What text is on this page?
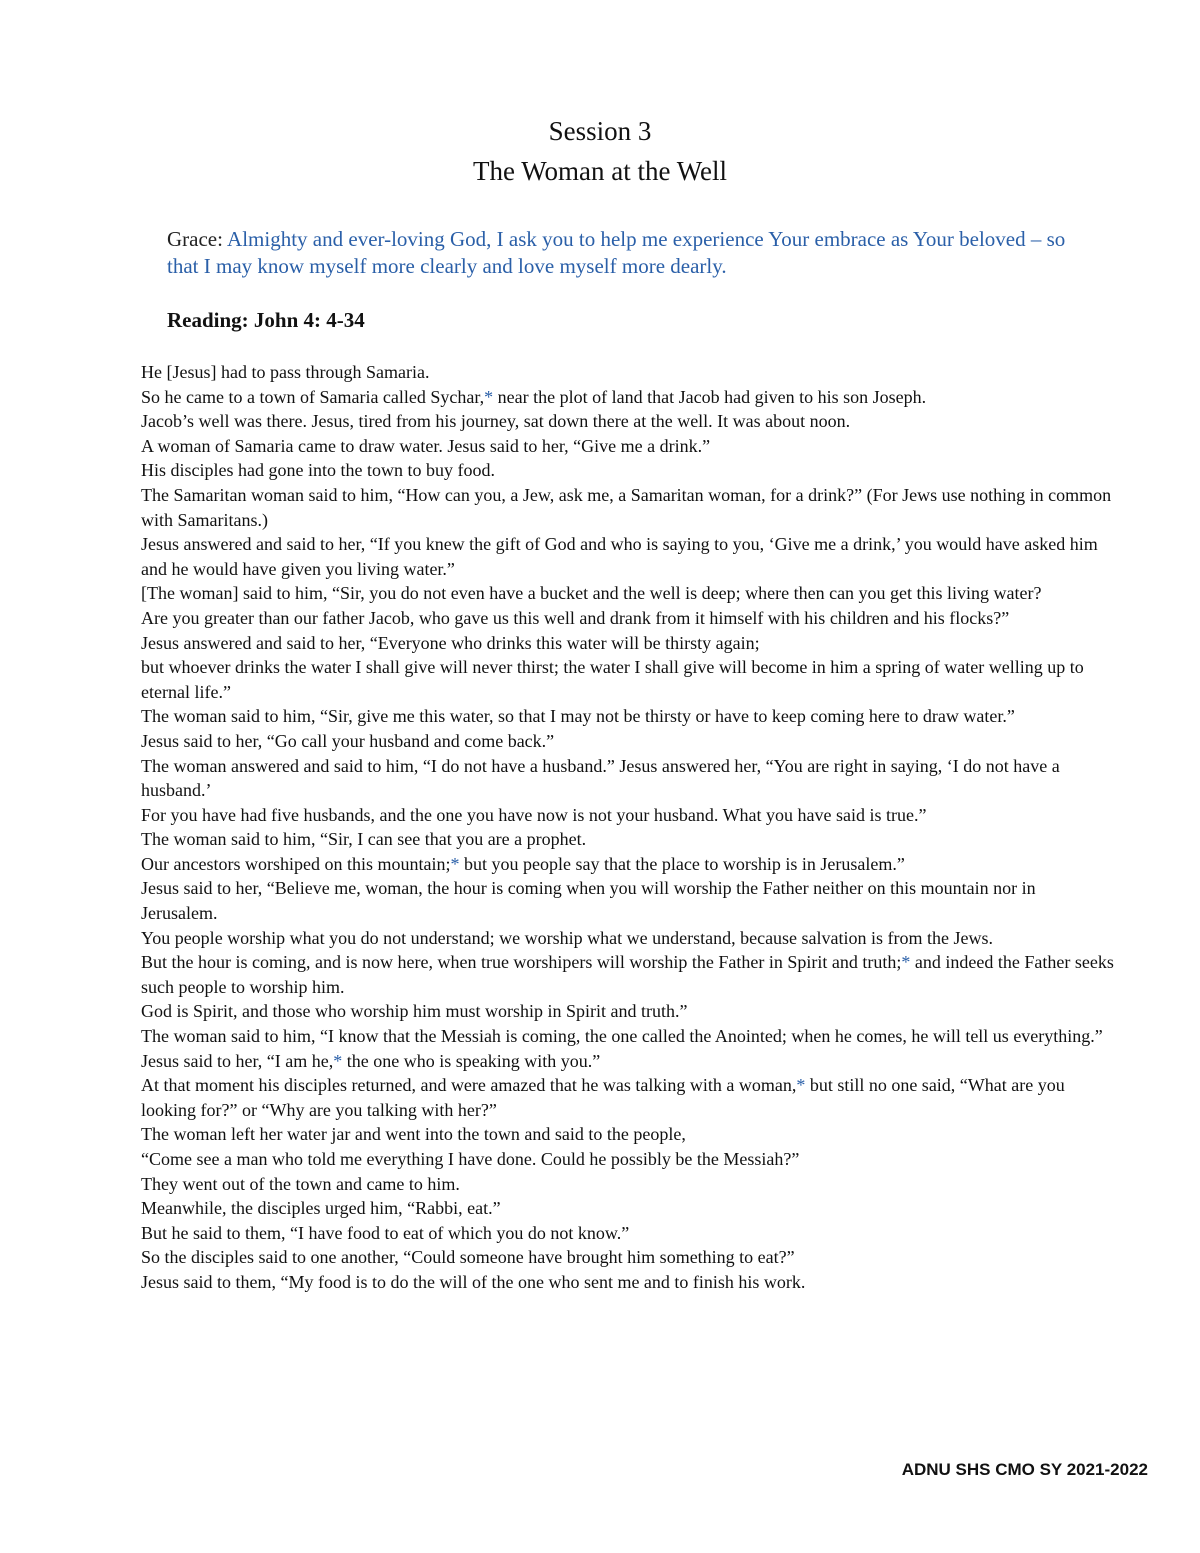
Session 3
The Woman at the Well
Grace: Almighty and ever-loving God, I ask you to help me experience Your embrace as Your beloved – so that I may know myself more clearly and love myself more dearly.
Reading: John 4: 4-34

He [Jesus] had to pass through Samaria.

So he came to a town of Samaria called Sychar,* near the plot of land that Jacob had given to his son Joseph.

Jacob’s well was there. Jesus, tired from his journey, sat down there at the well. It was about noon.

A woman of Samaria came to draw water. Jesus said to her, “Give me a drink.”

His disciples had gone into the town to buy food.

The Samaritan woman said to him, “How can you, a Jew, ask me, a Samaritan woman, for a drink?” (For Jews use nothing in common with Samaritans.)

Jesus answered and said to her, “If you knew the gift of God and who is saying to you, ‘Give me a drink,’ you would have asked him and he would have given you living water.”

[The woman] said to him, “Sir, you do not even have a bucket and the well is deep; where then can you get this living water?

Are you greater than our father Jacob, who gave us this well and drank from it himself with his children and his flocks?”

Jesus answered and said to her, “Everyone who drinks this water will be thirsty again;

but whoever drinks the water I shall give will never thirst; the water I shall give will become in him a spring of water welling up to eternal life.”

The woman said to him, “Sir, give me this water, so that I may not be thirsty or have to keep coming here to draw water.”

Jesus said to her, “Go call your husband and come back.”

The woman answered and said to him, “I do not have a husband.” Jesus answered her, “You are right in saying, ‘I do not have a husband.’

For you have had five husbands, and the one you have now is not your husband. What you have said is true.”

The woman said to him, “Sir, I can see that you are a prophet.

Our ancestors worshiped on this mountain;* but you people say that the place to worship is in Jerusalem.”

Jesus said to her, “Believe me, woman, the hour is coming when you will worship the Father neither on this mountain nor in Jerusalem.

You people worship what you do not understand; we worship what we understand, because salvation is from the Jews.

But the hour is coming, and is now here, when true worshipers will worship the Father in Spirit and truth;* and indeed the Father seeks such people to worship him.

God is Spirit, and those who worship him must worship in Spirit and truth.”

The woman said to him, “I know that the Messiah is coming, the one called the Anointed; when he comes, he will tell us everything.”

Jesus said to her, “I am he,* the one who is speaking with you.”

At that moment his disciples returned, and were amazed that he was talking with a woman,* but still no one said, “What are you looking for?” or “Why are you talking with her?”

The woman left her water jar and went into the town and said to the people,

“Come see a man who told me everything I have done. Could he possibly be the Messiah?”

They went out of the town and came to him.

Meanwhile, the disciples urged him, “Rabbi, eat.”

But he said to them, “I have food to eat of which you do not know.”

So the disciples said to one another, “Could someone have brought him something to eat?”

Jesus said to them, “My food is to do the will of the one who sent me and to finish his work.

ADNU SHS CMO SY 2021-2022
